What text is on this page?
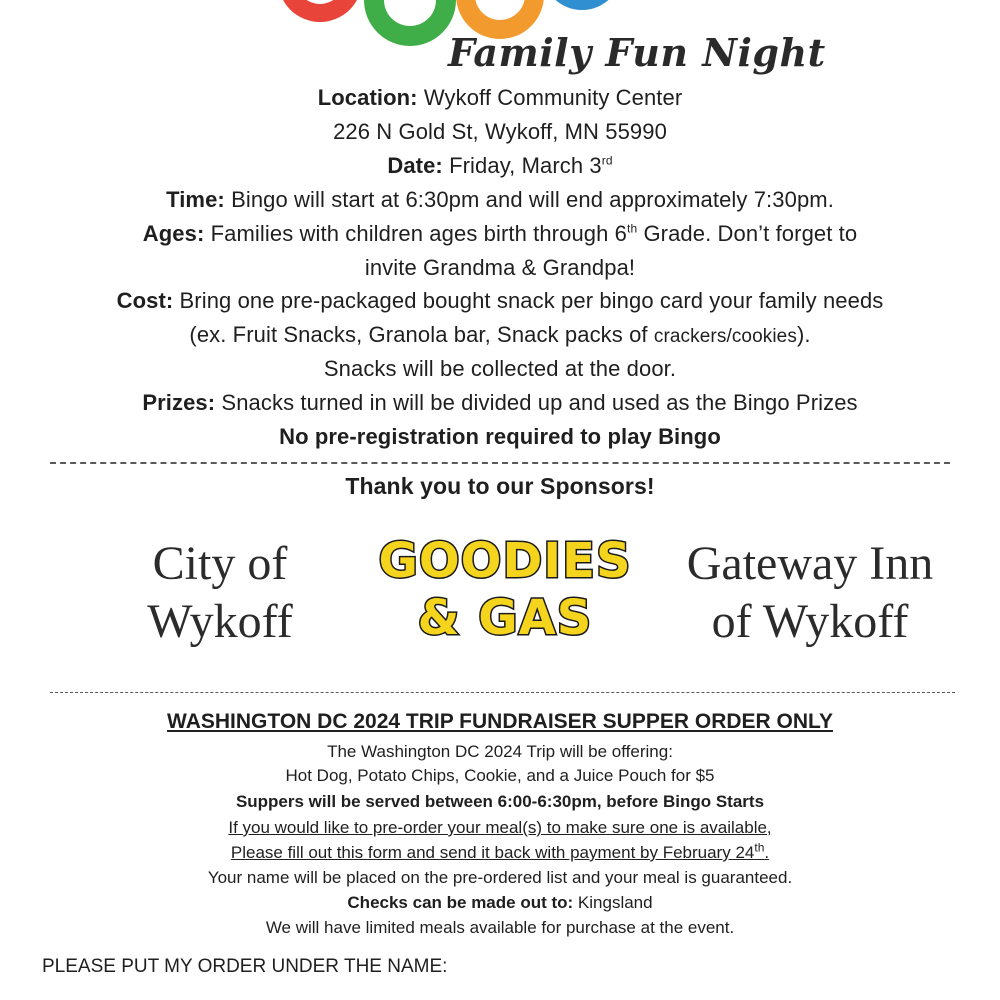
Family Fun Night
Location: Wykoff Community Center
226 N Gold St, Wykoff, MN 55990
Date: Friday, March 3rd
Time: Bingo will start at 6:30pm and will end approximately 7:30pm.
Ages: Families with children ages birth through 6th Grade. Don’t forget to
invite Grandma & Grandpa!
Cost: Bring one pre-packaged bought snack per bingo card your family needs
(ex. Fruit Snacks, Granola bar, Snack packs of crackers/cookies).
Snacks will be collected at the door.
Prizes: Snacks turned in will be divided up and used as the Bingo Prizes
No pre-registration required to play Bingo
Thank you to our Sponsors!
City of
Wykoff
GOODIES
& GAS
Gateway Inn
of Wykoff
WASHINGTON DC 2024 TRIP FUNDRAISER SUPPER ORDER ONLY
The Washington DC 2024 Trip will be offering:
Hot Dog, Potato Chips, Cookie, and a Juice Pouch for $5
Suppers will be served between 6:00-6:30pm, before Bingo Starts
If you would like to pre-order your meal(s) to make sure one is available,
Please fill out this form and send it back with payment by February 24th.
Your name will be placed on the pre-ordered list and your meal is guaranteed.
Checks can be made out to: Kingsland
We will have limited meals available for purchase at the event.
PLEASE PUT MY ORDER UNDER THE NAME:
